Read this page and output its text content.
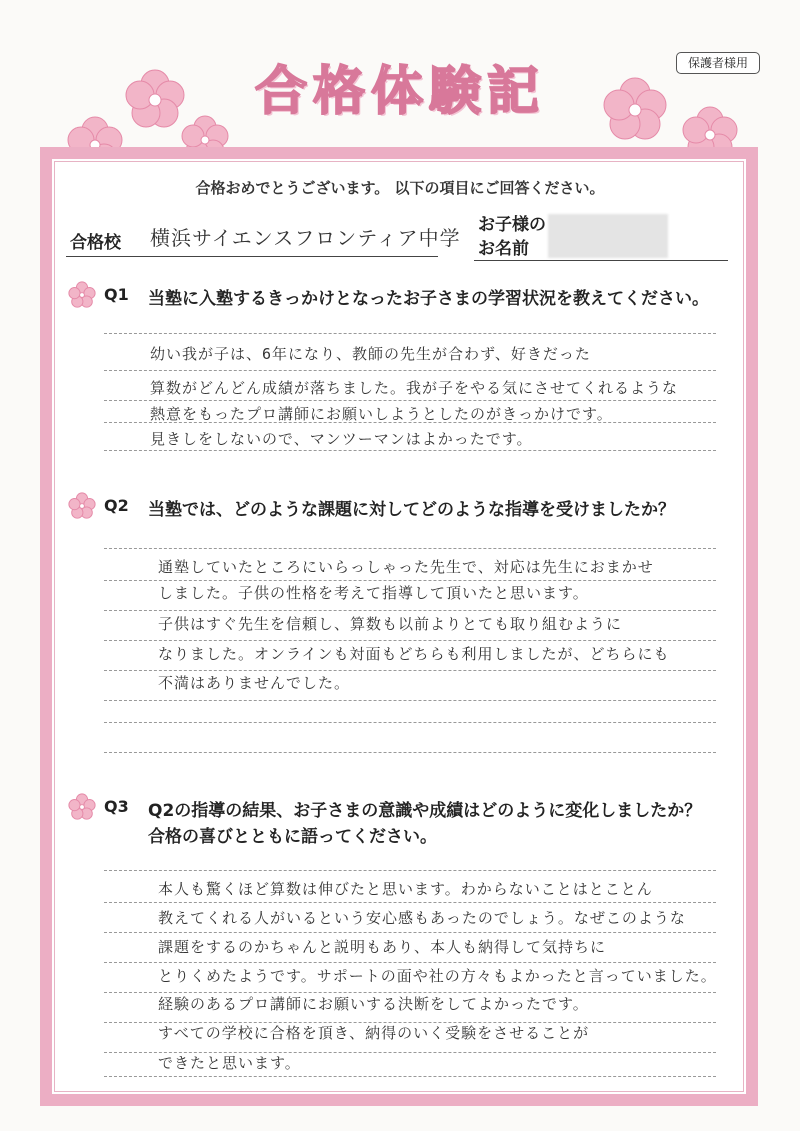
保護者様用
合格体験記
合格おめでとうございます。 以下の項目にご回答ください。
合格校 横浜サイエンスフロンティア中学
お子様の
お名前
Q1 当塾に入塾するきっかけとなったお子さまの学習状況を教えてください。
幼い我が子は、6年になり、教師の先生が合わず、好きだった
算数がどんどん成績が落ちました。我が子をやる気にさせてくれるような
熱意をもったプロ講師にお願いしようとしたのがきっかけです。
見きしをしないので、マンツーマンはよかったです。
Q2 当塾では、どのような課題に対してどのような指導を受けましたか？
通塾していたところにいらっしゃった先生で、対応は先生におまかせ
しました。子供の性格を考えて指導して頂いたと思います。
子供はすぐ先生を信頼し、算数も以前よりとても取り組むように
なりました。オンラインも対面もどちらも利用しましたが、どちらにも
不満はありませんでした。
Q3 Q2の指導の結果、お子さまの意識や成績はどのように変化しましたか？
合格の喜びとともに語ってください。
本人も驚くほど算数は伸びたと思います。わからないことはとことん
教えてくれる人がいるという安心感もあったのでしょう。なぜこのような
課題をするのかちゃんと説明もあり、本人も納得して気持ちに
とりくめたようです。サポートの面や社の方々もよかったと言っていました。
経験のあるプロ講師にお願いする決断をしてよかったです。
すべての学校に合格を頂き、納得のいく受験をさせることが
できたと思います。
